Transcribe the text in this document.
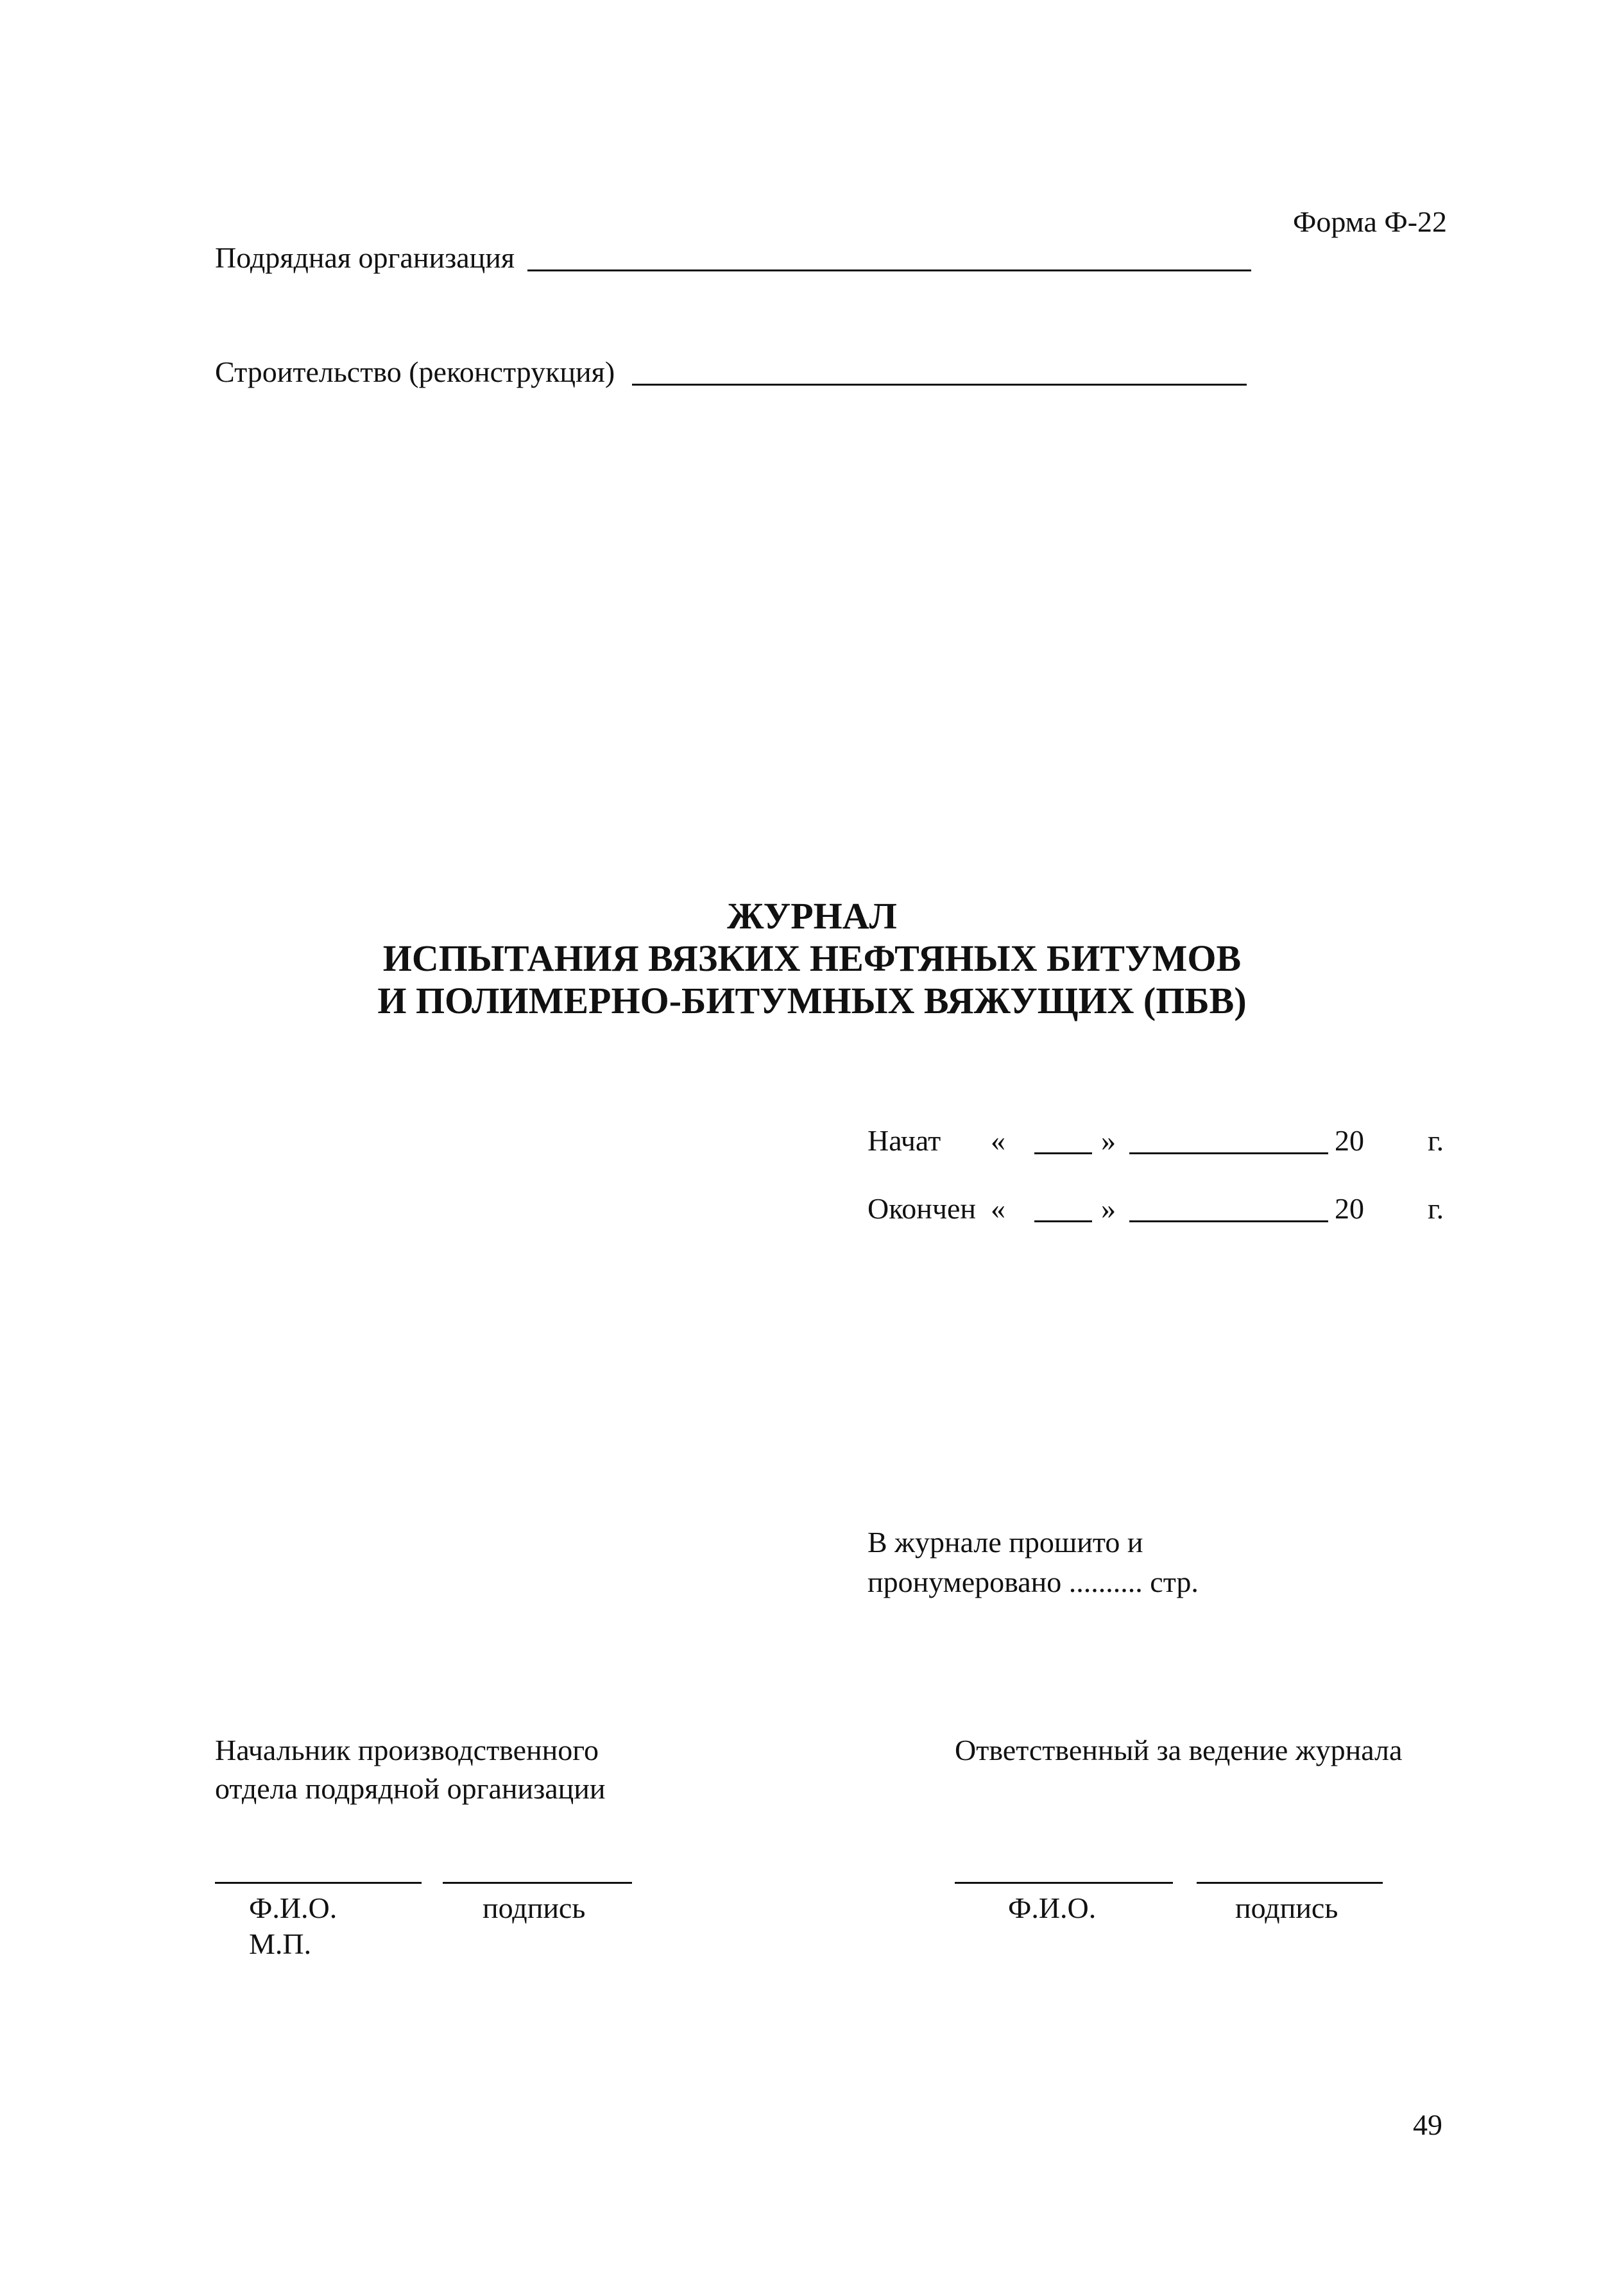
Форма Ф-22
Подрядная организация
Строительство (реконструкция)
ЖУРНАЛ
ИСПЫТАНИЯ ВЯЗКИХ НЕФТЯНЫХ БИТУМОВ
И ПОЛИМЕРНО-БИТУМНЫХ ВЯЖУЩИХ (ПБВ)
Начат «	»	20 г.
Окончен «	»	20 г.
В журнале прошито и
пронумеровано .......... стр.
Начальник производственного
отдела подрядной организации
Ф.И.О.	подпись
М.П.
Ответственный за ведение журнала
Ф.И.О.	подпись
49
